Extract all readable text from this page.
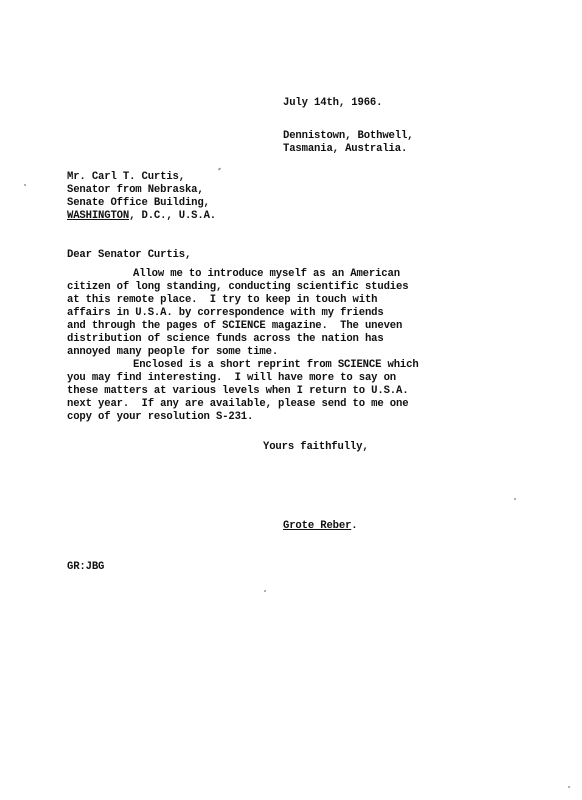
July 14th, 1966.
Dennistown, Bothwell,
Tasmania, Australia.
Mr. Carl T. Curtis,
Senator from Nebraska,
Senate Office Building,
WASHINGTON, D.C., U.S.A.
Dear Senator Curtis,
Allow me to introduce myself as an American
citizen of long standing, conducting scientific studies
at this remote place.  I try to keep in touch with
affairs in U.S.A. by correspondence with my friends
and through the pages of SCIENCE magazine.  The uneven
distribution of science funds across the nation has
annoyed many people for some time.
Enclosed is a short reprint from SCIENCE which
you may find interesting.  I will have more to say on
these matters at various levels when I return to U.S.A.
next year.  If any are available, please send to me one
copy of your resolution S-231.
Yours faithfully,
Grote Reber.
GR:JBG
